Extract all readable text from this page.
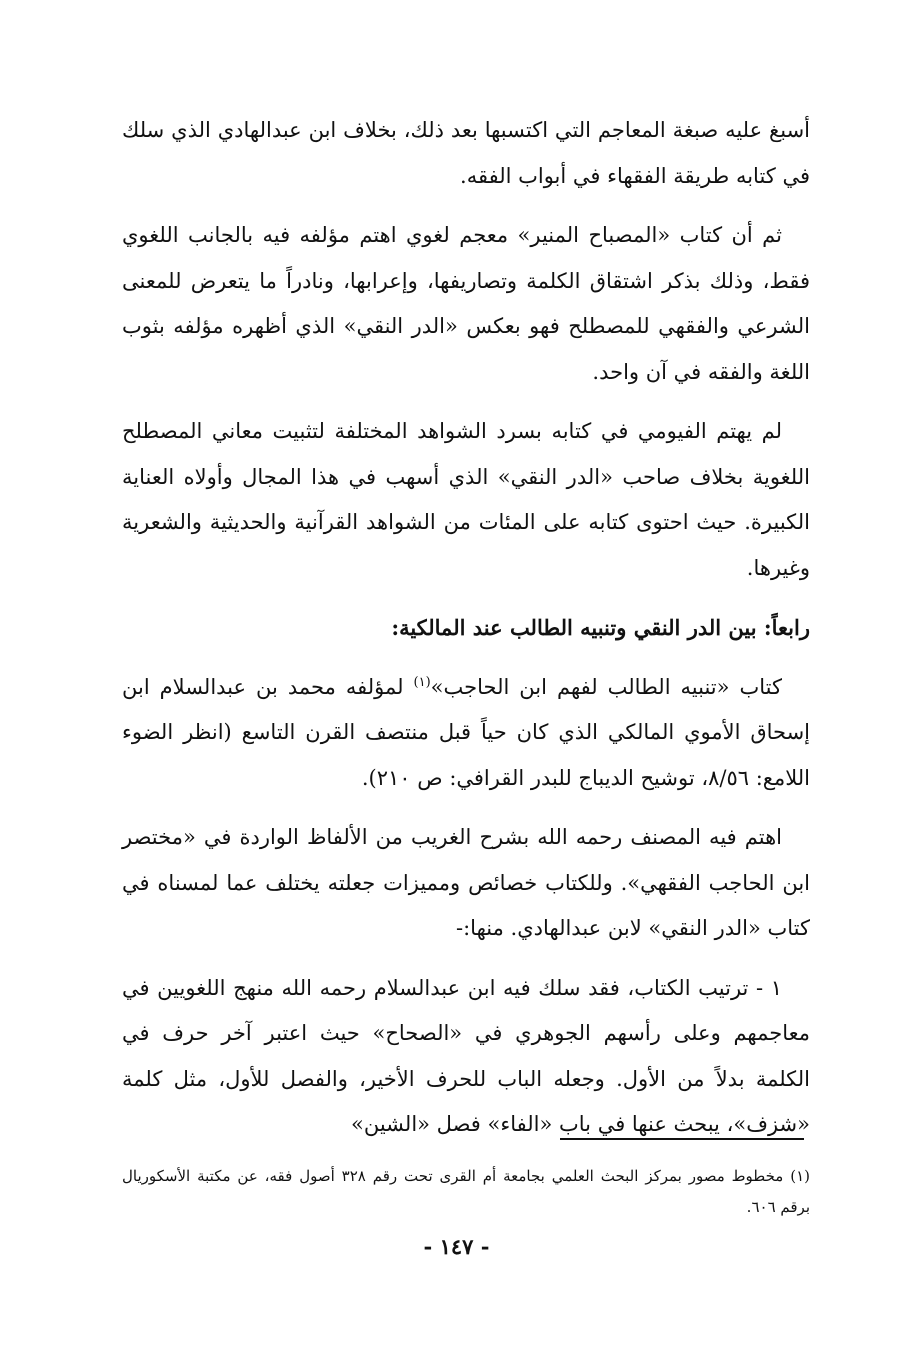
أسبغ عليه صبغة المعاجم التي اكتسبها بعد ذلك، بخلاف ابن عبدالهادي الذي سلك في كتابه طريقة الفقهاء في أبواب الفقه.

ثم أن كتاب «المصباح المنير» معجم لغوي اهتم مؤلفه فيه بالجانب اللغوي فقط، وذلك بذكر اشتقاق الكلمة وتصاريفها، وإعرابها، ونادراً ما يتعرض للمعنى الشرعي والفقهي للمصطلح فهو بعكس «الدر النقي» الذي أظهره مؤلفه بثوب اللغة والفقه في آن واحد.

لم يهتم الفيومي في كتابه بسرد الشواهد المختلفة لتثبيت معاني المصطلح اللغوية بخلاف صاحب «الدر النقي» الذي أسهب في هذا المجال وأولاه العناية الكبيرة. حيث احتوى كتابه على المئات من الشواهد القرآنية والحديثية والشعرية وغيرها.

رابعاً: بين الدر النقي وتنبيه الطالب عند المالكية:

كتاب «تنبيه الطالب لفهم ابن الحاجب»$^{(١)}$ لمؤلفه محمد بن عبدالسلام ابن إسحاق الأموي المالكي الذي كان حياً قبل منتصف القرن التاسع (انظر الضوء اللامع: ٨/٥٦، توشيح الديباج للبدر القرافي: ص ٢١٠).

اهتم فيه المصنف رحمه الله بشرح الغريب من الألفاظ الواردة في «مختصر ابن الحاجب الفقهي». وللكتاب خصائص ومميزات جعلته يختلف عما لمسناه في كتاب «الدر النقي» لابن عبدالهادي. منها:-

١ - ترتيب الكتاب، فقد سلك فيه ابن عبدالسلام رحمه الله منهج اللغويين في معاجمهم وعلى رأسهم الجوهري في «الصحاح» حيث اعتبر آخر حرف في الكلمة بدلاً من الأول. وجعله الباب للحرف الأخير، والفصل للأول، مثل كلمة «شزف»، يبحث عنها في باب «الفاء» فصل «الشين»

(١) مخطوط مصور بمركز البحث العلمي بجامعة أم القرى تحت رقم ٣٢٨ أصول فقه، عن مكتبة الأسكوريال برقم ٦٠٦.

- ١٤٧ -
